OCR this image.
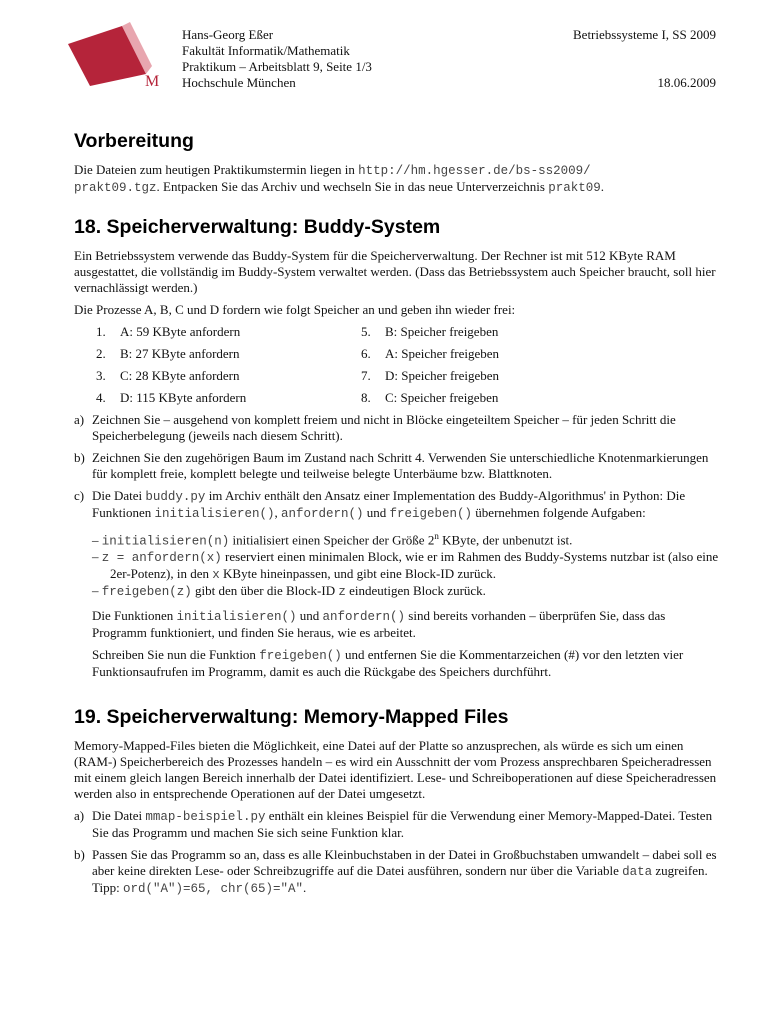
M
Hans-Georg Eßer
Fakultät Informatik/Mathematik
Praktikum – Arbeitsblatt 9, Seite 1/3
Hochschule München
Betriebssysteme I, SS 2009
18.06.2009
Vorbereitung

Die Dateien zum heutigen Praktikumstermin liegen in http://hm.hgesser.de/bs-ss2009/
prakt09.tgz. Entpacken Sie das Archiv und wechseln Sie in das neue Unterverzeichnis prakt09.

18. Speicherverwaltung: Buddy-System

Ein Betriebssystem verwende das Buddy-System für die Speicherverwaltung. Der Rechner ist mit 512 KByte RAM ausgestattet, die vollständig im Buddy-System verwaltet werden. (Dass das Betriebssystem auch Speicher braucht, soll hier vernachlässigt werden.)

Die Prozesse A, B, C und D fordern wie folgt Speicher an und geben ihn wieder frei:

1.	A: 59 KByte anfordern	5.	B: Speicher freigeben
2.	B: 27 KByte anfordern	6.	A: Speicher freigeben
3.	C: 28 KByte anfordern	7.	D: Speicher freigeben
4.	D: 115 KByte anfordern	8.	C: Speicher freigeben
a) Zeichnen Sie – ausgehend von komplett freiem und nicht in Blöcke eingeteiltem Speicher – für jeden Schritt die Speicherbelegung (jeweils nach diesem Schritt).
b) Zeichnen Sie den zugehörigen Baum im Zustand nach Schritt 4. Verwenden Sie unterschiedliche Knotenmarkierungen für komplett freie, komplett belegte und teilweise belegte Unterbäume bzw. Blattknoten.
c) Die Datei buddy.py im Archiv enthält den Ansatz einer Implementation des Buddy-Algorithmus' in Python: Die Funktionen initialisieren(), anfordern() und freigeben() übernehmen folgende Aufgaben:

– initialisieren(n) initialisiert einen Speicher der Größe 2$^n$ KByte, der unbenutzt ist.
– z = anfordern(x) reserviert einen minimalen Block, wie er im Rahmen des Buddy-Systems nutzbar ist (also eine 2er-Potenz), in den x KByte hineinpassen, und gibt eine Block-ID zurück.
– freigeben(z) gibt den über die Block-ID z eindeutigen Block zurück.

Die Funktionen initialisieren() und anfordern() sind bereits vorhanden – überprüfen Sie, dass das Programm funktioniert, und finden Sie heraus, wie es arbeitet.

Schreiben Sie nun die Funktion freigeben() und entfernen Sie die Kommentarzeichen (#) vor den letzten vier Funktionsaufrufen im Programm, damit es auch die Rückgabe des Speichers durchführt.

19. Speicherverwaltung: Memory-Mapped Files

Memory-Mapped-Files bieten die Möglichkeit, eine Datei auf der Platte so anzusprechen, als würde es sich um einen (RAM-) Speicherbereich des Prozesses handeln – es wird ein Ausschnitt der vom Prozess ansprechbaren Speicheradressen mit einem gleich langen Bereich innerhalb der Datei identifiziert. Lese- und Schreiboperationen auf diese Speicheradressen werden also in entsprechende Operationen auf der Datei umgesetzt.

a) Die Datei mmap-beispiel.py enthält ein kleines Beispiel für die Verwendung einer Memory-Mapped-Datei. Testen Sie das Programm und machen Sie sich seine Funktion klar.
b) Passen Sie das Programm so an, dass es alle Kleinbuchstaben in der Datei in Großbuchstaben umwandelt – dabei soll es aber keine direkten Lese- oder Schreibzugriffe auf die Datei ausführen, sondern nur über die Variable data zugreifen. Tipp: ord("A")=65, chr(65)="A".
